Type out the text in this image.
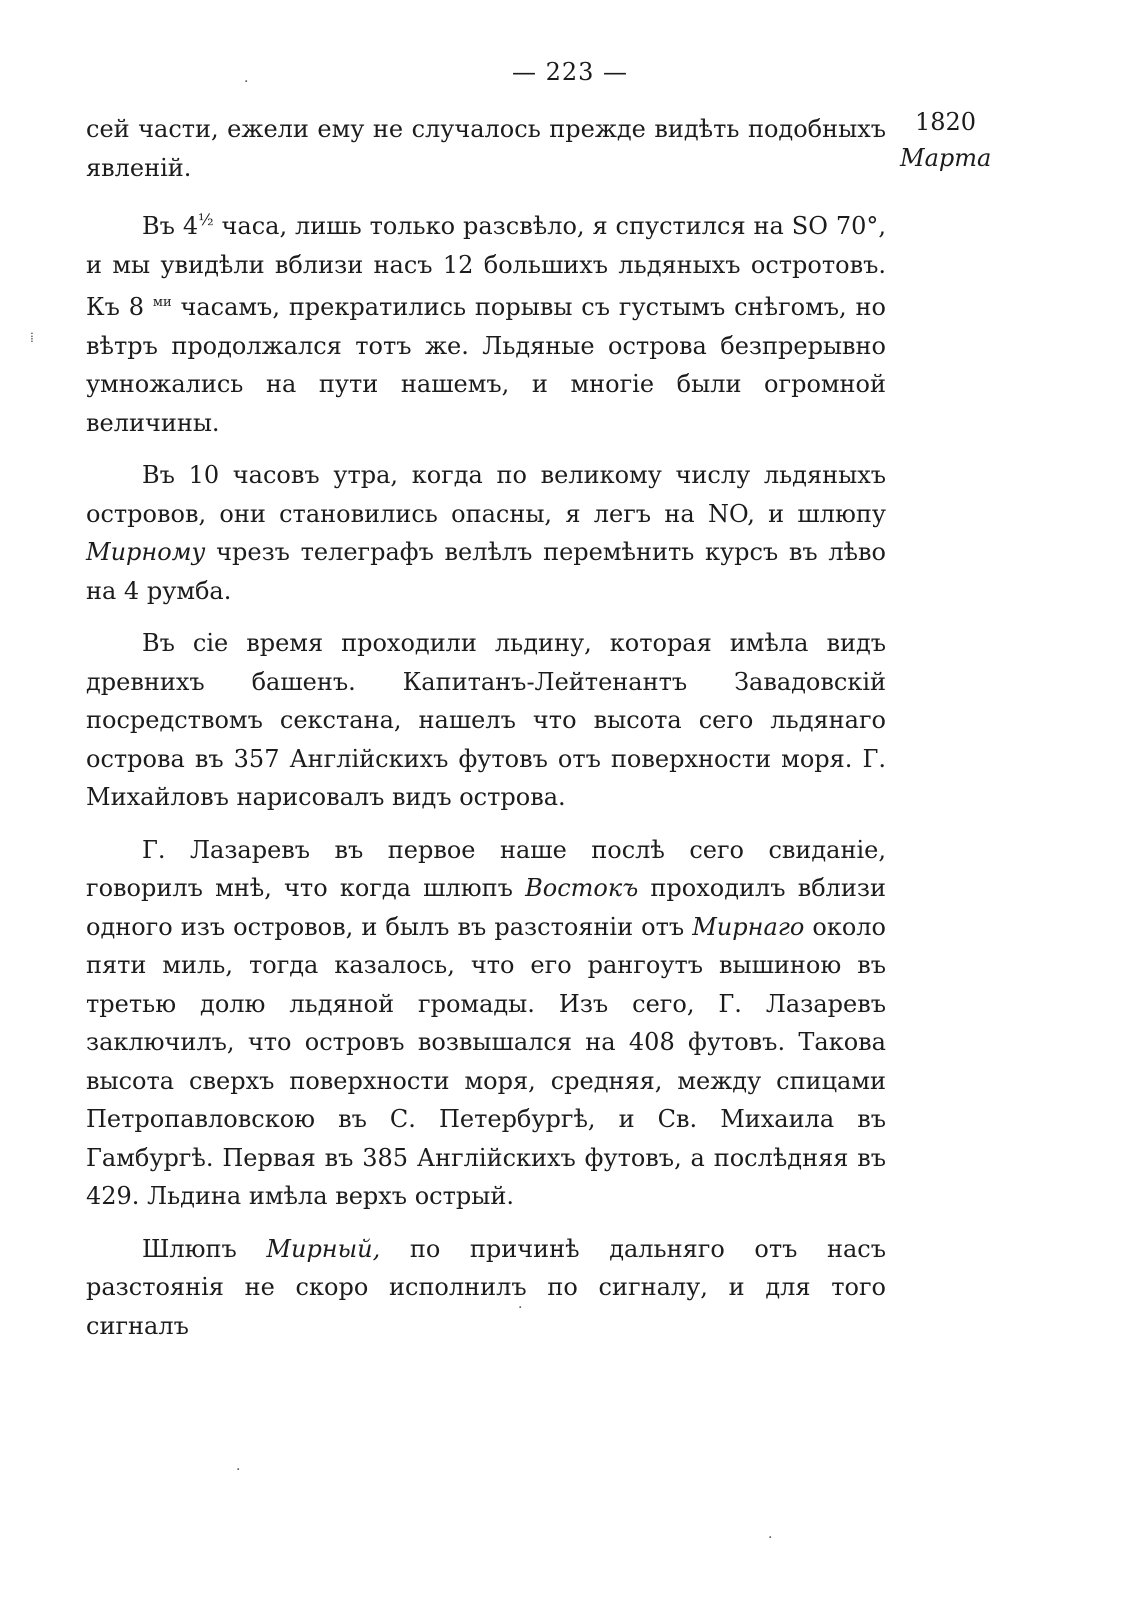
— 223 —
1820
Марта

сей части, ежели ему не случалось прежде видѣть подобныхъ явленій.

Въ $4^{\frac{1}{2}}$ часа, лишь только разсвѣло, я спустился на SO 70°, и мы увидѣли вблизи насъ 12 большихъ льдяныхъ остротовъ. Къ 8 $^{ми}$ часамъ, прекратились порывы съ густымъ снѣгомъ, но вѣтръ продолжался тотъ же. Льдяные острова безпрерывно умножались на пути нашемъ, и многіе были огромной величины.

Въ 10 часовъ утра, когда по великому числу льдяныхъ островов, они становились опасны, я легъ на NO, и шлюпу Мирному чрезъ телеграфъ велѣлъ перемѣнить курсъ въ лѣво на 4 румба.

Въ сіе время проходили льдину, которая имѣла видъ древнихъ башенъ. Капитанъ-Лейтенантъ Завадовскій посредствомъ секстана, нашелъ что высота сего льдянаго острова въ 357 Англійскихъ футовъ отъ поверхности моря. Г. Михайловъ нарисовалъ видъ острова.

Г. Лазаревъ въ первое наше послѣ сего свиданіе, говорилъ мнѣ, что когда шлюпъ Востокъ проходилъ вблизи одного изъ островов, и былъ въ разстояніи отъ Мирнаго около пяти миль, тогда казалось, что его рангоутъ вышиною въ третью долю льдяной громады. Изъ сего, Г. Лазаревъ заключилъ, что островъ возвышался на 408 футовъ. Такова высота сверхъ поверхности моря, средняя, между спицами Петропавловскою въ С. Петербургѣ, и Св. Михаила въ Гамбургѣ. Первая въ 385 Англійскихъ футовъ, а послѣдняя въ 429. Льдина имѣла верхъ острый.

Шлюпъ Мирный, по причинѣ дальняго отъ насъ разстоянія не скоро исполнилъ по сигналу, и для того сигналъ

⁞
·
·
·
·
